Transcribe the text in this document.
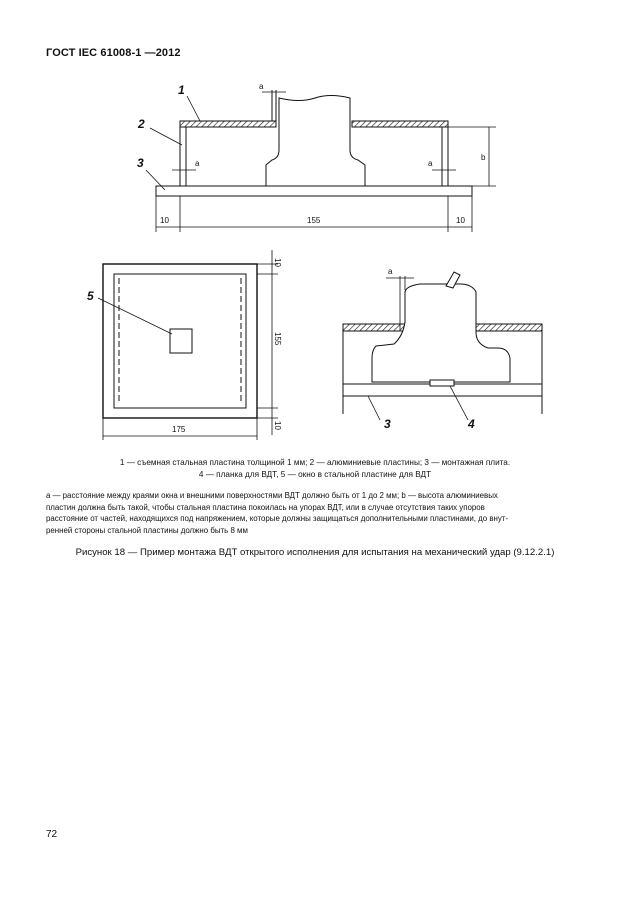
ГОСТ IEC 61008-1 —2012
1
2
3
a
a	a
b
10	155	10
5
175
10
155
10	3	4
a
1 — съемная стальная пластина толщиной 1 мм; 2 — алюминиевые пластины; 3 — монтажная плита.
4 — планка для ВДТ, 5 — окно в стальной пластине для ВДТ
a — расстояние между краями окна и внешними поверхностями ВДТ должно быть от 1 до 2 мм; b — высота алюминиевых
пластин должна быть такой, чтобы стальная пластина покоилась на упорах ВДТ, или в случае отсутствия таких упоров
расстояние от частей, находящихся под напряжением, которые должны защищаться дополнительными пластинами, до внут-
ренней стороны стальной пластины должно быть 8 мм
Рисунок 18 — Пример монтажа ВДТ открытого исполнения для испытания на механический удар (9.12.2.1)
72
